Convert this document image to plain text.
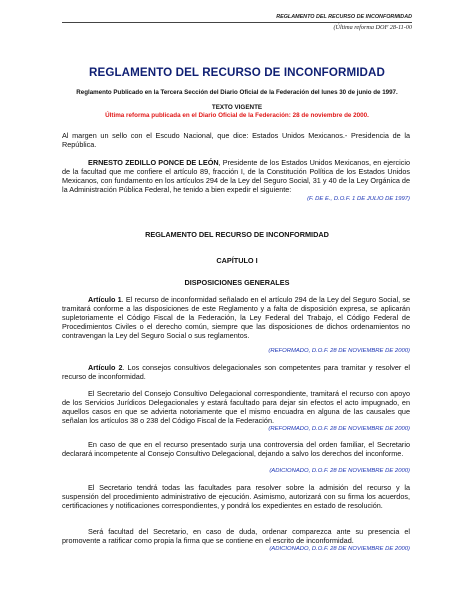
REGLAMENTO DEL RECURSO DE INCONFORMIDAD
(Última reforma DOF 28-11-00
REGLAMENTO DEL RECURSO DE INCONFORMIDAD
Reglamento Publicado en la Tercera Sección del Diario Oficial de la Federación del lunes 30 de junio de 1997.
TEXTO VIGENTE
Última reforma publicada en el Diario Oficial de la Federación: 28 de noviembre de 2000.
Al margen un sello con el Escudo Nacional, que dice: Estados Unidos Mexicanos.- Presidencia de la República.
ERNESTO ZEDILLO PONCE DE LEÓN, Presidente de los Estados Unidos Mexicanos, en ejercicio de la facultad que me confiere el artículo 89, fracción I, de la Constitución Política de los Estados Unidos Mexicanos, con fundamento en los artículos 294 de la Ley del Seguro Social, 31 y 40 de la Ley Orgánica de la Administración Pública Federal, he tenido a bien expedir el siguiente:
(F. DE E., D.O.F. 1 DE JULIO DE 1997)
REGLAMENTO DEL RECURSO DE INCONFORMIDAD
CAPÍTULO I
DISPOSICIONES GENERALES
Artículo 1. El recurso de inconformidad señalado en el artículo 294 de la Ley del Seguro Social, se tramitará conforme a las disposiciones de este Reglamento y a falta de disposición expresa, se aplicarán supletoriamente el Código Fiscal de la Federación, la Ley Federal del Trabajo, el Código Federal de Procedimientos Civiles o el derecho común, siempre que las disposiciones de dichos ordenamientos no contravengan la Ley del Seguro Social o sus reglamentos.
(REFORMADO, D.O.F. 28 DE NOVIEMBRE DE 2000)
Artículo 2. Los consejos consultivos delegacionales son competentes para tramitar y resolver el recurso de inconformidad.
El Secretario del Consejo Consultivo Delegacional correspondiente, tramitará el recurso con apoyo de los Servicios Jurídicos Delegacionales y estará facultado para dejar sin efectos el acto impugnado, en aquellos casos en que se advierta notoriamente que el mismo encuadra en alguna de las causales que señalan los artículos 38 o 238 del Código Fiscal de la Federación.
(REFORMADO, D.O.F. 28 DE NOVIEMBRE DE 2000)
En caso de que en el recurso presentado surja una controversia del orden familiar, el Secretario declarará incompetente al Consejo Consultivo Delegacional, dejando a salvo los derechos del inconforme.
(ADICIONADO, D.O.F. 28 DE NOVIEMBRE DE 2000)
El Secretario tendrá todas las facultades para resolver sobre la admisión del recurso y la suspensión del procedimiento administrativo de ejecución. Asimismo, autorizará con su firma los acuerdos, certificaciones y notificaciones correspondientes, y pondrá los expedientes en estado de resolución.
Será facultad del Secretario, en caso de duda, ordenar comparezca ante su presencia el promovente a ratificar como propia la firma que se contiene en el escrito de inconformidad.
(ADICIONADO, D.O.F. 28 DE NOVIEMBRE DE 2000)
